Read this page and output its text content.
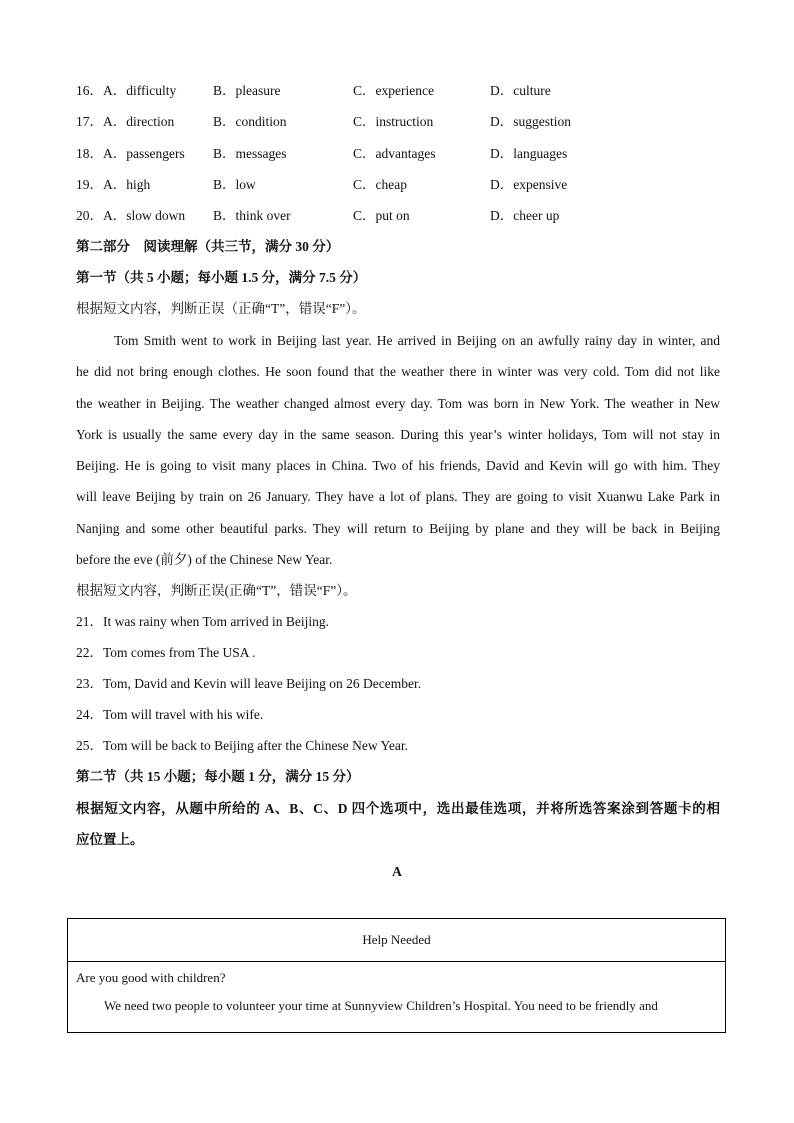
16．A．difficulty	B．pleasure	C．experience	D．culture
17．A．direction	B．condition	C．instruction	D．suggestion
18．A．passengers B．messages	C．advantages	D．languages
19．A．high	B．low	C．cheap	D．expensive
20．A．slow down B．think over	C．put on	D．cheer up
第二部分　阅读理解（共三节，满分 30 分）
第一节（共 5 小题；每小题 1.5 分，满分 7.5 分）
根据短文内容，判断正误（正确“T”，错误“F”）。
Tom Smith went to work in Beijing last year. He arrived in Beijing on an awfully rainy day in winter, and
he did not bring enough clothes. He soon found that the weather there in winter was very cold. Tom did not like
the weather in Beijing. The weather changed almost every day. Tom was born in New York. The weather in New
York is usually the same every day in the same season. During this year’s winter holidays, Tom will not stay in
Beijing. He is going to visit many places in China. Two of his friends, David and Kevin will go with him. They
will leave Beijing by train on 26 January. They have a lot of plans. They are going to visit Xuanwu Lake Park in
Nanjing and some other beautiful parks. They will return to Beijing by plane and they will be back in Beijing
before the eve (前夕) of the Chinese New Year.
根据短文内容，判断正误(正确“T”，错误“F”）。
21．It was rainy when Tom arrived in Beijing.
22．Tom comes from The USA .
23．Tom, David and Kevin will leave Beijing on 26 December.
24．Tom will travel with his wife.
25．Tom will be back to Beijing after the Chinese New Year.
第二节（共 15 小题；每小题 1 分，满分 15 分）
根据短文内容，从题中所给的 A、B、C、D 四个选项中，选出最佳选项，并将所选答案涂到答题卡的相
应位置上。
A
Help Needed
Are you good with children?
We need two people to volunteer your time at Sunnyview Children’s Hospital. You need to be friendly and
